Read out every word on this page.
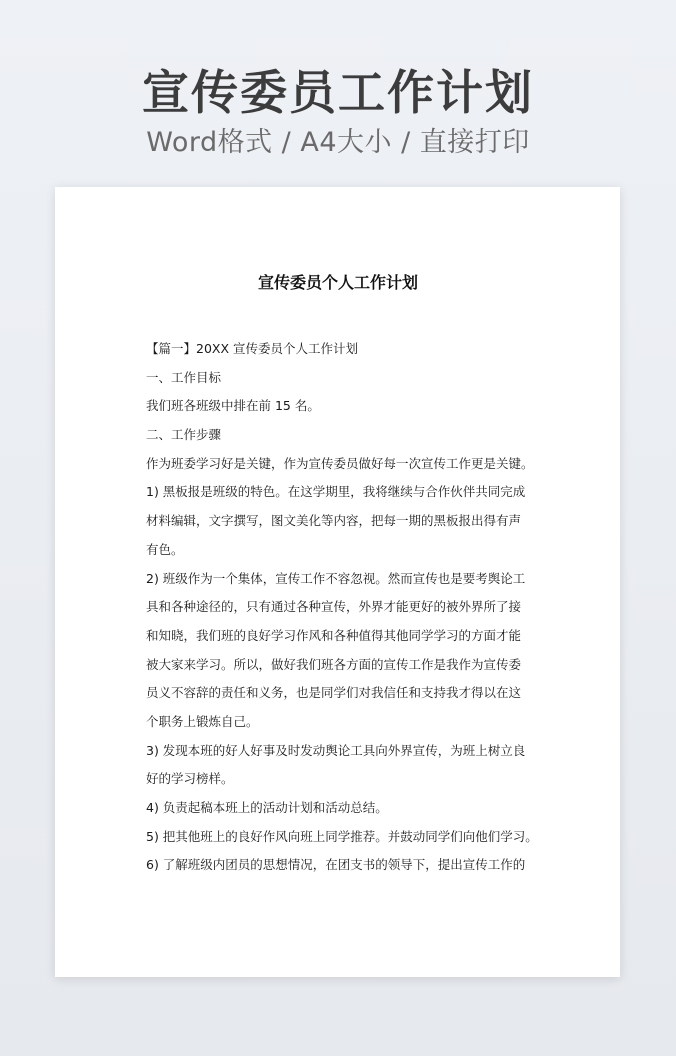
宣传委员工作计划
Word格式 / A4大小 / 直接打印
宣传委员个人工作计划
【篇一】20XX 宣传委员个人工作计划
一、工作目标
我们班各班级中排在前 15 名。
二、工作步骤
作为班委学习好是关键，作为宣传委员做好每一次宣传工作更是关键。
1) 黑板报是班级的特色。在这学期里，我将继续与合作伙伴共同完成
材料编辑，文字撰写，图文美化等内容，把每一期的黑板报出得有声
有色。
2) 班级作为一个集体，宣传工作不容忽视。然而宣传也是要考舆论工
具和各种途径的，只有通过各种宣传，外界才能更好的被外界所了接
和知晓，我们班的良好学习作风和各种值得其他同学学习的方面才能
被大家来学习。所以，做好我们班各方面的宣传工作是我作为宣传委
员义不容辞的责任和义务，也是同学们对我信任和支持我才得以在这
个职务上锻炼自己。
3) 发现本班的好人好事及时发动舆论工具向外界宣传，为班上树立良
好的学习榜样。
4) 负责起稿本班上的活动计划和活动总结。
5) 把其他班上的良好作风向班上同学推荐。并鼓动同学们向他们学习。
6) 了解班级内团员的思想情况，在团支书的领导下，提出宣传工作的
